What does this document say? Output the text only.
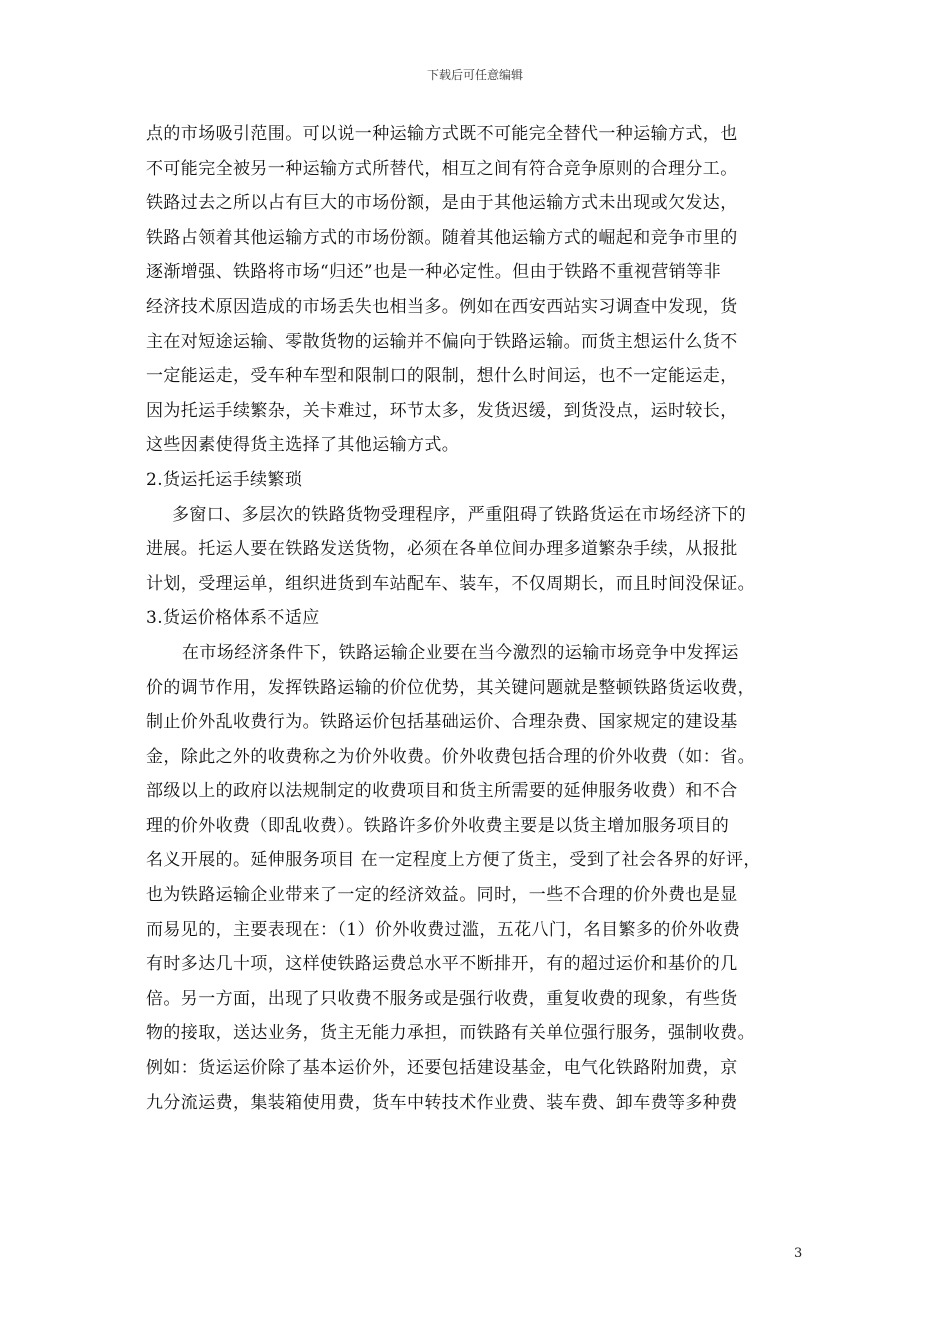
下载后可任意编辑
点的市场吸引范围。可以说一种运输方式既不可能完全替代一种运输方式，也
不可能完全被另一种运输方式所替代，相互之间有符合竞争原则的合理分工。
铁路过去之所以占有巨大的市场份额，是由于其他运输方式未出现或欠发达，
铁路占领着其他运输方式的市场份额。随着其他运输方式的崛起和竞争市里的
逐渐增强、铁路将市场“归还”也是一种必定性。但由于铁路不重视营销等非
经济技术原因造成的市场丢失也相当多。例如在西安西站实习调查中发现，货
主在对短途运输、零散货物的运输并不偏向于铁路运输。而货主想运什么货不
一定能运走，受车种车型和限制口的限制，想什么时间运，也不一定能运走，
因为托运手续繁杂，关卡难过，环节太多，发货迟缓，到货没点，运时较长，
这些因素使得货主选择了其他运输方式。
2.货运托运手续繁琐
多窗口、多层次的铁路货物受理程序，严重阻碍了铁路货运在市场经济下的
进展。托运人要在铁路发送货物，必须在各单位间办理多道繁杂手续，从报批
计划，受理运单，组织进货到车站配车、装车，不仅周期长，而且时间没保证。
3.货运价格体系不适应
在市场经济条件下，铁路运输企业要在当今激烈的运输市场竞争中发挥运
价的调节作用，发挥铁路运输的价位优势，其关键问题就是整顿铁路货运收费，
制止价外乱收费行为。铁路运价包括基础运价、合理杂费、国家规定的建设基
金，除此之外的收费称之为价外收费。价外收费包括合理的价外收费（如：省。
部级以上的政府以法规制定的收费项目和货主所需要的延伸服务收费）和不合
理的价外收费（即乱收费）。铁路许多价外收费主要是以货主增加服务项目的
名义开展的。延伸服务项目 在一定程度上方便了货主，受到了社会各界的好评，
也为铁路运输企业带来了一定的经济效益。同时，一些不合理的价外费也是显
而易见的，主要表现在：（1）价外收费过滥，五花八门，名目繁多的价外收费
有时多达几十项，这样使铁路运费总水平不断排开，有的超过运价和基价的几
倍。另一方面，出现了只收费不服务或是强行收费，重复收费的现象，有些货
物的接取，送达业务，货主无能力承担，而铁路有关单位强行服务，强制收费。
例如：货运运价除了基本运价外，还要包括建设基金，电气化铁路附加费，京
九分流运费，集装箱使用费，货车中转技术作业费、装车费、卸车费等多种费
3
